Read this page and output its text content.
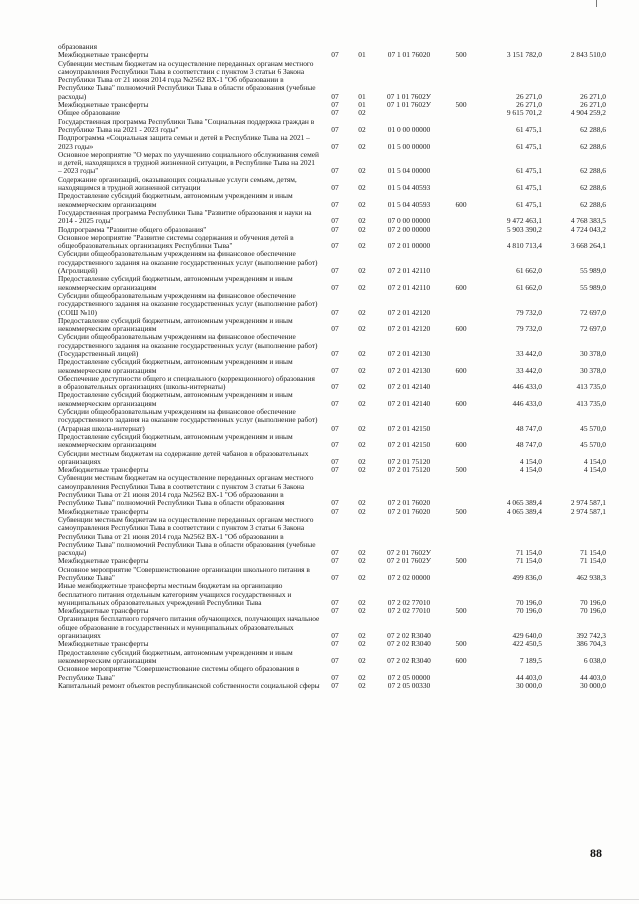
образования						
Межбюджетные трансферты	07	01	07 1 01 76020	500	3 151 782,0	2 843 510,0
Субвенции местным бюджетам на осуществление переданных органам местного самоуправления Республики Тыва в соответствии с пунктом 3 статьи 6 Закона Республики Тыва от 21 июня 2014 года №2562 ВХ-1 "Об образовании в Республике Тыва" полномочий Республики Тыва в области образования (учебные расходы)	07	01	07 1 01 7602У		26 271,0	26 271,0
Межбюджетные трансферты	07	01	07 1 01 7602У	500	26 271,0	26 271,0
Общее образование	07	02			9 615 701,2	4 904 259,2
Государственная программа Республики Тыва "Социальная поддержка граждан в Республике Тыва на 2021 - 2023 годы"	07	02	01 0 00 00000		61 475,1	62 288,6
Подпрограмма «Социальная защита семьи и детей в Республике Тыва на 2021 – 2023 годы»	07	02	01 5 00 00000		61 475,1	62 288,6
Основное мероприятие "О мерах по улучшению социального обслуживания семей и детей, находящихся в трудной жизненной ситуации, в Республике Тыва на 2021 – 2023 годы"	07	02	01 5 04 00000		61 475,1	62 288,6
Содержание организаций, оказывающих социальные услуги семьям, детям, находящимся в трудной жизненной ситуации	07	02	01 5 04 40593		61 475,1	62 288,6
Предоставление субсидий бюджетным, автономным учреждениям и иным некоммерческим организациям	07	02	01 5 04 40593	600	61 475,1	62 288,6
Государственная программа Республики Тыва "Развитие образования и науки на 2014 - 2025 годы"	07	02	07 0 00 00000		9 472 463,1	4 768 383,5
Подпрограмма "Развитие общего образования"	07	02	07 2 00 00000		5 903 390,2	4 724 043,2
Основное мероприятие "Развитие системы содержания и обучения детей в общеобразовательных организациях Республики Тыва"	07	02	07 2 01 00000		4 810 713,4	3 668 264,1
Субсидии общеобразовательным учреждениям на финансовое обеспечение государственного задания на оказание государственных услуг (выполнение работ) (Агролицей)	07	02	07 2 01 42110		61 662,0	55 989,0
Предоставление субсидий бюджетным, автономным учреждениям и иным некоммерческим организациям	07	02	07 2 01 42110	600	61 662,0	55 989,0
Субсидии общеобразовательным учреждениям на финансовое обеспечение государственного задания на оказание государственных услуг (выполнение работ) (СОШ №10)	07	02	07 2 01 42120		79 732,0	72 697,0
Предоставление субсидий бюджетным, автономным учреждениям и иным некоммерческим организациям	07	02	07 2 01 42120	600	79 732,0	72 697,0
Субсидии общеобразовательным учреждениям на финансовое обеспечение государственного задания на оказание государственных услуг (выполнение работ) (Государственный лицей)	07	02	07 2 01 42130		33 442,0	30 378,0
Предоставление субсидий бюджетным, автономным учреждениям и иным некоммерческим организациям	07	02	07 2 01 42130	600	33 442,0	30 378,0
Обеспечение доступности общего и специального (коррекционного) образования в образовательных организациях (школы-интернаты)	07	02	07 2 01 42140		446 433,0	413 735,0
Предоставление субсидий бюджетным, автономным учреждениям и иным некоммерческим организациям	07	02	07 2 01 42140	600	446 433,0	413 735,0
Субсидии общеобразовательным учреждениям на финансовое обеспечение государственного задания на оказание государственных услуг (выполнение работ) (Аграрная школа-интернат)	07	02	07 2 01 42150		48 747,0	45 570,0
Предоставление субсидий бюджетным, автономным учреждениям и иным некоммерческим организациям	07	02	07 2 01 42150	600	48 747,0	45 570,0
Субсидии местным бюджетам на содержание детей чабанов в образовательных организациях	07	02	07 2 01 75120		4 154,0	4 154,0
Межбюджетные трансферты	07	02	07 2 01 75120	500	4 154,0	4 154,0
Субвенции местным бюджетам на осуществление переданных органам местного самоуправления Республики Тыва в соответствии с пунктом 3 статьи 6 Закона Республики Тыва от 21 июня 2014 года №2562 ВХ-1 "Об образовании в Республике Тыва" полномочий Республики Тыва в области образования	07	02	07 2 01 76020		4 065 389,4	2 974 587,1
Межбюджетные трансферты	07	02	07 2 01 76020	500	4 065 389,4	2 974 587,1
Субвенции местным бюджетам на осуществление переданных органам местного самоуправления Республики Тыва в соответствии с пунктом 3 статьи 6 Закона Республики Тыва от 21 июня 2014 года №2562 ВХ-1 "Об образовании в Республике Тыва" полномочий Республики Тыва в области образования (учебные расходы)	07	02	07 2 01 7602У		71 154,0	71 154,0
Межбюджетные трансферты	07	02	07 2 01 7602У	500	71 154,0	71 154,0
Основное мероприятие "Совершенствование организации школьного питания в Республике Тыва"	07	02	07 2 02 00000		499 836,0	462 938,3
Иные межбюджетные трансферты местным бюджетам на организацию бесплатного питания отдельным категориям учащихся государственных и муниципальных образовательных учреждений Республики Тыва	07	02	07 2 02 77010		70 196,0	70 196,0
Межбюджетные трансферты	07	02	07 2 02 77010	500	70 196,0	70 196,0
Организация бесплатного горячего питания обучающихся, получающих начальное общее образование в государственных и муниципальных образовательных организациях	07	02	07 2 02 R3040		429 640,0	392 742,3
Межбюджетные трансферты	07	02	07 2 02 R3040	500	422 450,5	386 704,3
Предоставление субсидий бюджетным, автономным учреждениям и иным некоммерческим организациям	07	02	07 2 02 R3040	600	7 189,5	6 038,0
Основное мероприятие "Совершенствование системы общего образования в Республике Тыва"	07	02	07 2 05 00000		44 403,0	44 403,0
Капитальный ремонт объектов республиканской собственности социальной сферы	07	02	07 2 05 00330		30 000,0	30 000,0
88
